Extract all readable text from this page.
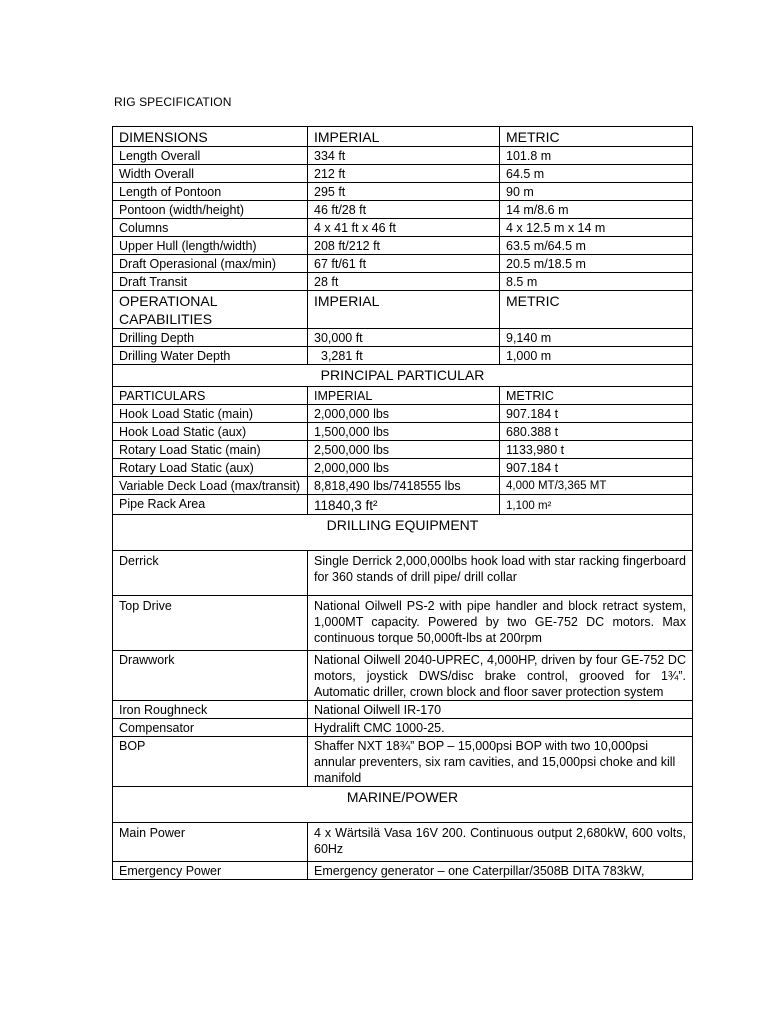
RIG SPECIFICATION
DIMENSIONS	IMPERIAL	METRIC
Length Overall	334 ft	101.8 m
Width Overall	212 ft	64.5 m
Length of Pontoon	295 ft	90 m
Pontoon (width/height)	46 ft/28 ft	14 m/8.6 m
Columns	4 x 41 ft x 46 ft	4 x 12.5 m x 14 m
Upper Hull (length/width)	208 ft/212 ft	63.5 m/64.5 m
Draft Operasional (max/min)	67 ft/61 ft	20.5 m/18.5 m
Draft Transit	28 ft	8.5 m
OPERATIONAL CAPABILITIES	IMPERIAL	METRIC
Drilling Depth	30,000 ft	9,140 m
Drilling Water Depth	3,281 ft	1,000 m
PRINCIPAL PARTICULAR		
PARTICULARS	IMPERIAL	METRIC
Hook Load Static (main)	2,000,000 lbs	907.184 t
Hook Load Static (aux)	1,500,000 lbs	680.388 t
Rotary Load Static (main)	2,500,000 lbs	1133,980 t
Rotary Load Static (aux)	2,000,000 lbs	907.184 t
Variable Deck Load (max/transit)	8,818,490 lbs/7418555 lbs	4,000 MT/3,365 MT
Pipe Rack Area	11840,3 ft²	1,100 m²
DRILLING EQUIPMENT		
Derrick	Single Derrick 2,000,000lbs hook load with star racking fingerboard for 360 stands of drill pipe/ drill collar	
Top Drive	National Oilwell PS-2 with pipe handler and block retract system, 1,000MT capacity. Powered by two GE-752 DC motors. Max continuous torque 50,000ft-lbs at 200rpm	
Drawwork	National Oilwell 2040-UPREC, 4,000HP, driven by four GE-752 DC motors, joystick DWS/disc brake control, grooved for 1¾”. Automatic driller, crown block and floor saver protection system	
Iron Roughneck	National Oilwell IR-170	
Compensator	Hydralift CMC 1000-25.	
BOP	Shaffer NXT 18¾” BOP – 15,000psi BOP with two 10,000psi annular preventers, six ram cavities, and 15,000psi choke and kill manifold	
MARINE/POWER		
Main Power	4 x Wärtsilä Vasa 16V 200. Continuous output 2,680kW, 600 volts, 60Hz	
Emergency Power	Emergency generator – one Caterpillar/3508B DITA 783kW,	
